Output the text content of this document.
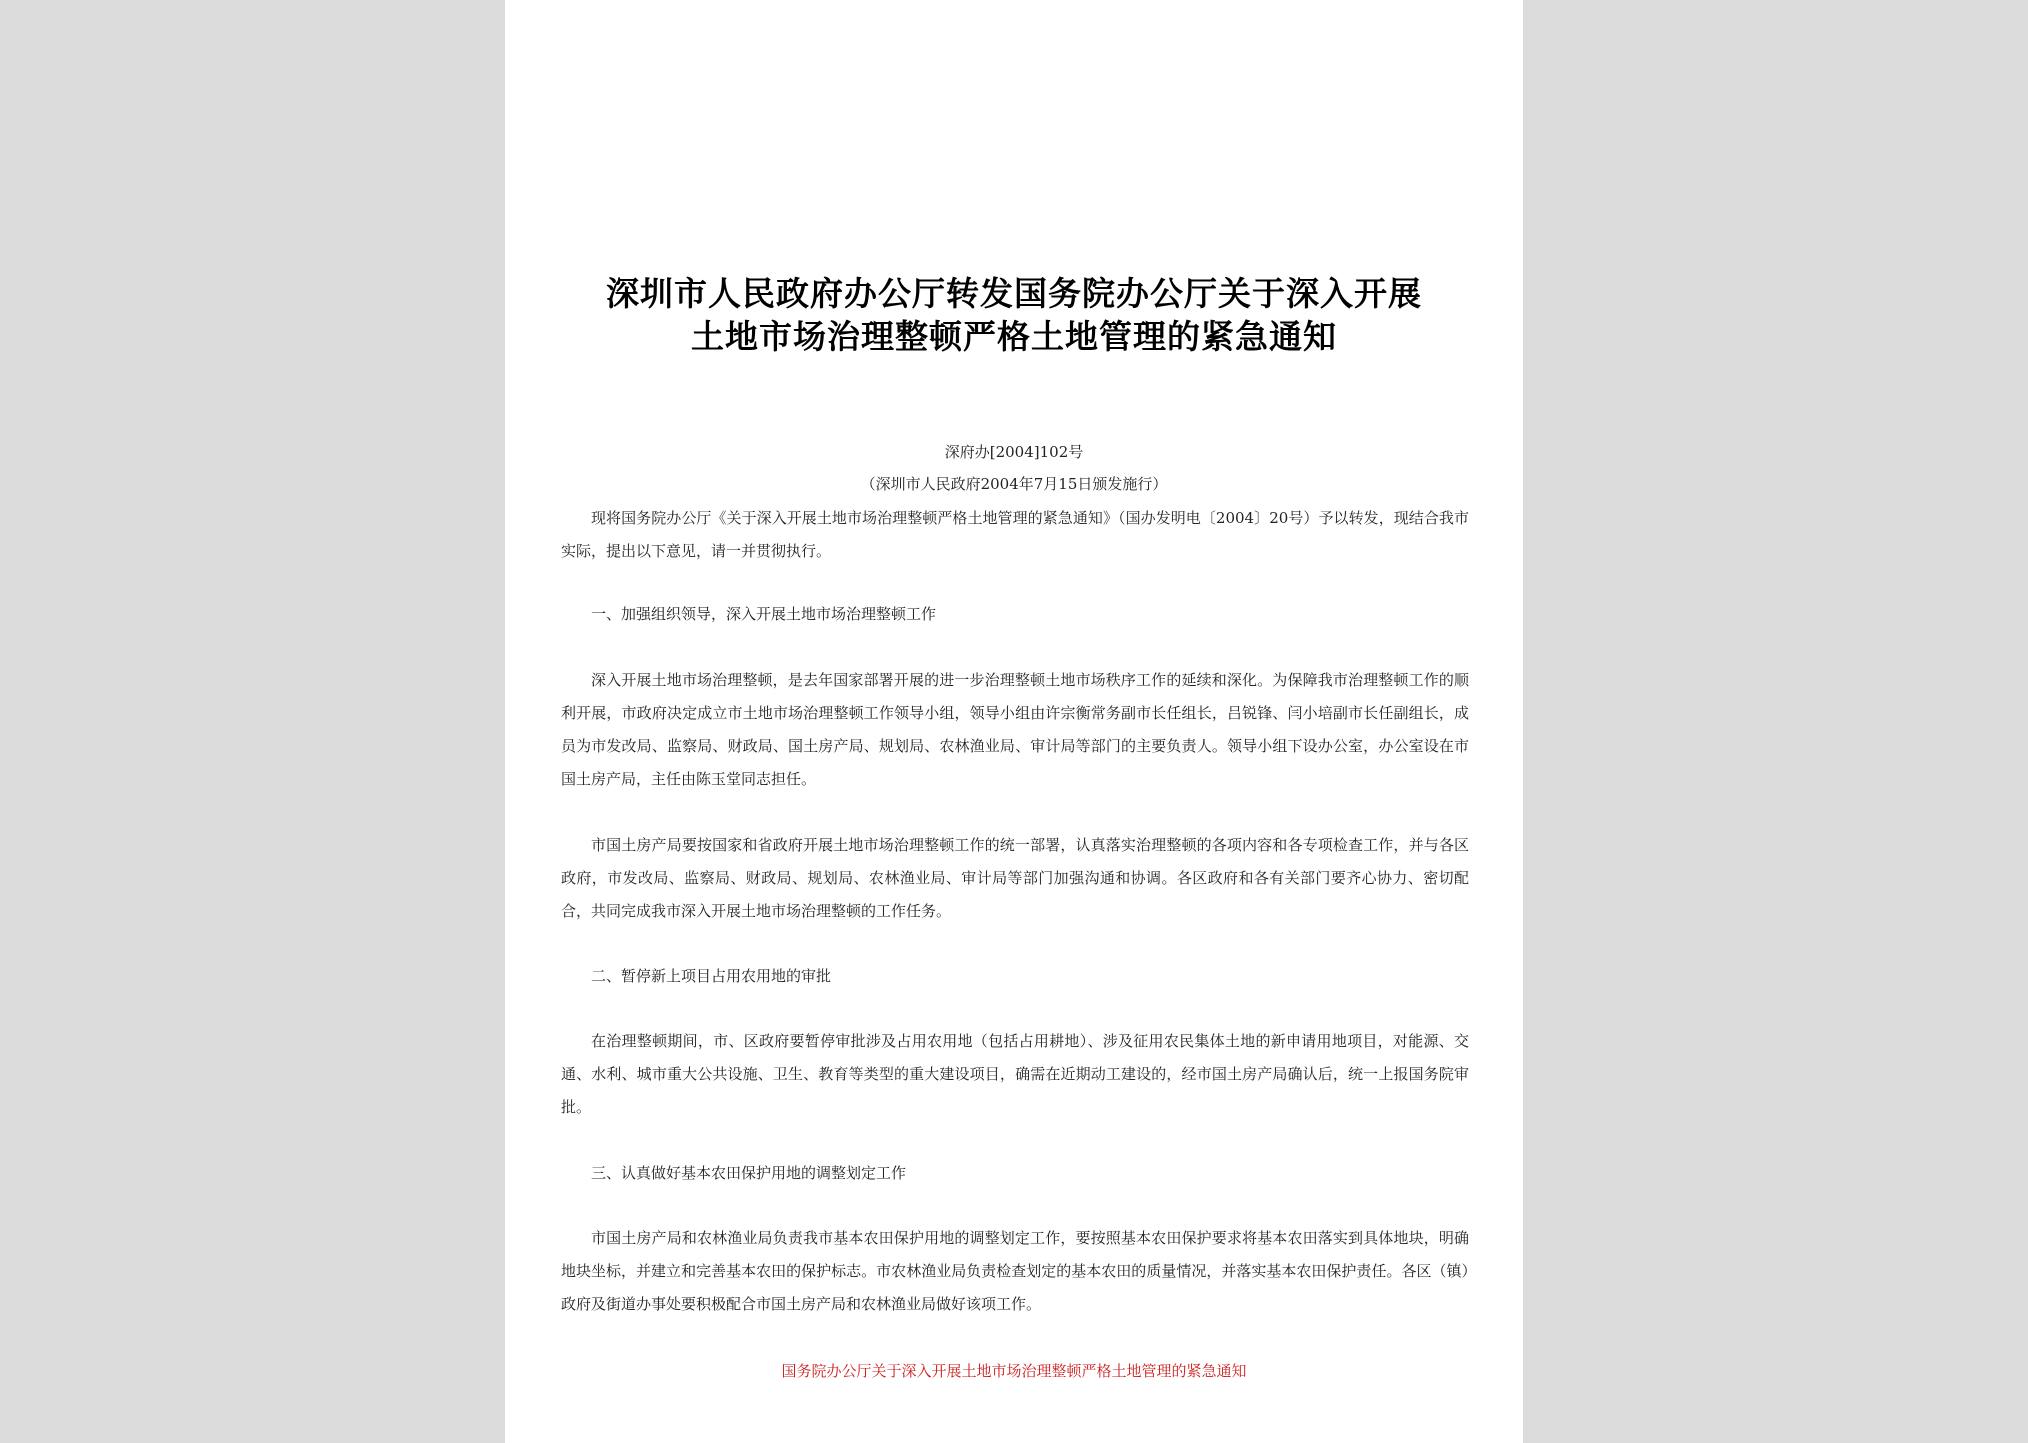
深圳市人民政府办公厅转发国务院办公厅关于深入开展
土地市场治理整顿严格土地管理的紧急通知
深府办[2004]102号
（深圳市人民政府2004年7月15日颁发施行）

现将国务院办公厅《关于深入开展土地市场治理整顿严格土地管理的紧急通知》（国办发明电〔2004〕20号）予以转发，现结合我市实际，提出以下意见，请一并贯彻执行。

一、加强组织领导，深入开展土地市场治理整顿工作

深入开展土地市场治理整顿，是去年国家部署开展的进一步治理整顿土地市场秩序工作的延续和深化。为保障我市治理整顿工作的顺利开展，市政府决定成立市土地市场治理整顿工作领导小组，领导小组由许宗衡常务副市长任组长，吕锐锋、闫小培副市长任副组长，成员为市发改局、监察局、财政局、国土房产局、规划局、农林渔业局、审计局等部门的主要负责人。领导小组下设办公室，办公室设在市国土房产局，主任由陈玉堂同志担任。

市国土房产局要按国家和省政府开展土地市场治理整顿工作的统一部署，认真落实治理整顿的各项内容和各专项检查工作，并与各区政府，市发改局、监察局、财政局、规划局、农林渔业局、审计局等部门加强沟通和协调。各区政府和各有关部门要齐心协力、密切配合，共同完成我市深入开展土地市场治理整顿的工作任务。

二、暂停新上项目占用农用地的审批

在治理整顿期间，市、区政府要暂停审批涉及占用农用地（包括占用耕地）、涉及征用农民集体土地的新申请用地项目，对能源、交通、水利、城市重大公共设施、卫生、教育等类型的重大建设项目，确需在近期动工建设的，经市国土房产局确认后，统一上报国务院审批。

三、认真做好基本农田保护用地的调整划定工作

市国土房产局和农林渔业局负责我市基本农田保护用地的调整划定工作，要按照基本农田保护要求将基本农田落实到具体地块，明确地块坐标，并建立和完善基本农田的保护标志。市农林渔业局负责检查划定的基本农田的质量情况，并落实基本农田保护责任。各区（镇）政府及街道办事处要积极配合市国土房产局和农林渔业局做好该项工作。

国务院办公厅关于深入开展土地市场治理整顿严格土地管理的紧急通知
